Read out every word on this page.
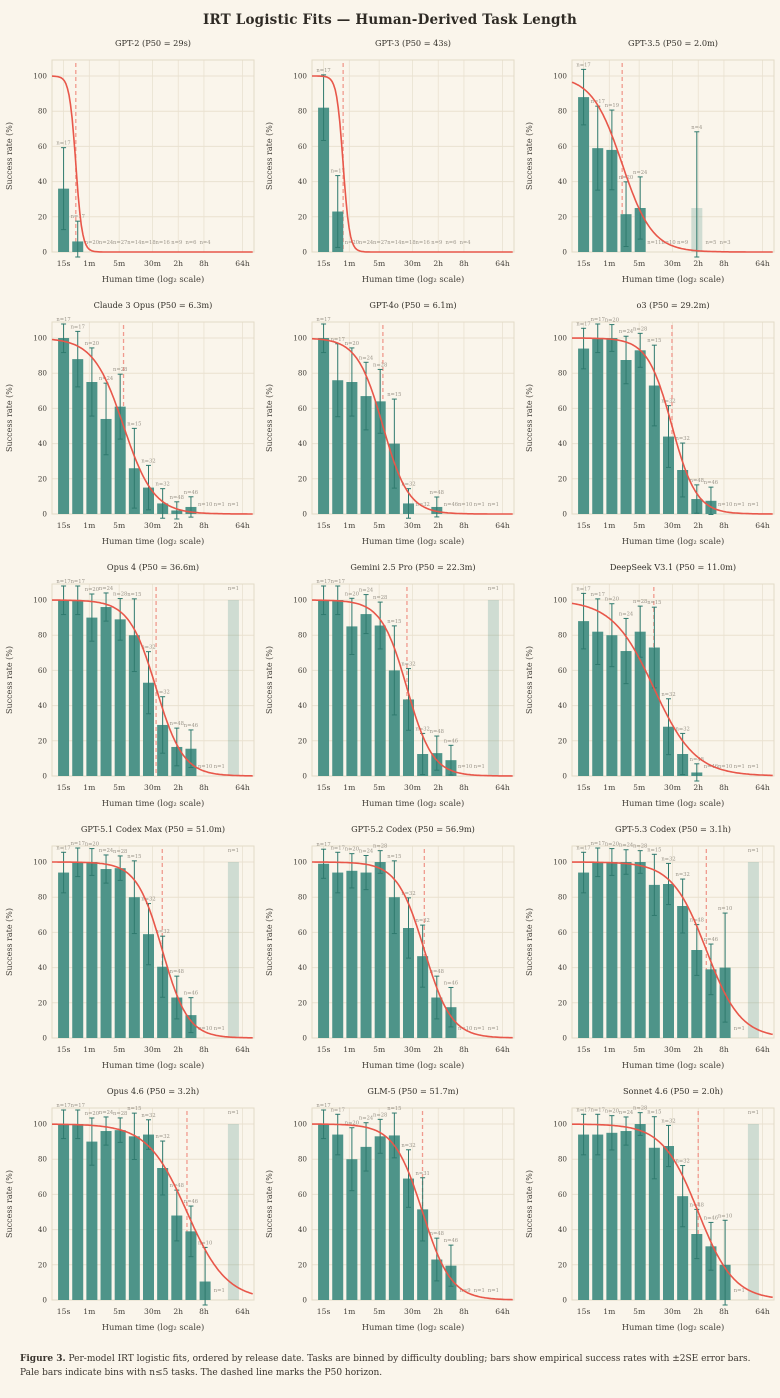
IRT Logistic Fits — Human-Derived Task Length
GPT-2 (P50 = 29s)
0
20
40
60
80
100
15s 1m 5m 30m 2h 8h	64h
Success rate (%)
Human time (log₂ scale)
n=17
n=17
n=20 n=24 n=27 n=14 n=18 n=16 n=9 n=6 n=4
GPT-3 (P50 = 43s)
0
20
40
60
80
100
15s 1m 5m 30m 2h 8h	64h
Success rate (%)
Human time (log₂ scale)
n=17
n=17
n=20 n=24 n=27 n=14 n=18 n=16 n=9 n=6 n=4
GPT-3.5 (P50 = 2.0m)
0
20
40
60
80
100
15s 1m 5m 30m 2h 8h	64h
Success rate (%)
Human time (log₂ scale)
n=17
n=17
n=19
n=20
n=24
n=11 n=10 n=9
n=4
n=5 n=3
Claude 3 Opus (P50 = 6.3m)
0
20
40
60
80
100
15s 1m 5m 30m 2h 8h	64h
Success rate (%)
Human time (log₂ scale)
n=17
n=17
n=20
n=24
n=28
n=15
n=32
n=32
n=48
n=46
n=10 n=1 n=1
GPT-4o (P50 = 6.1m)
0
20
40
60
80
100
15s 1m 5m 30m 2h 8h	64h
Success rate (%)
Human time (log₂ scale)
n=17
n=17
n=20
n=24
n=28
n=15
n=32
n=32
n=48
n=46 n=10 n=1 n=1
o3 (P50 = 29.2m)
0
20
40
60
80
100
15s 1m 5m 30m 2h 8h	64h
Success rate (%)
Human time (log₂ scale)
n=17
n=17 n=20
n=24 n=28
n=15
n=32
n=32
n=48 n=46
n=10 n=1 n=1
Opus 4 (P50 = 36.6m)
0
20
40
60
80
100
15s 1m 5m 30m 2h 8h	64h
Success rate (%)
Human time (log₂ scale)
n=17 n=17
n=20 n=24
n=28 n=15
n=32
n=32
n=48 n=46
n=10 n=1
n=1
Gemini 2.5 Pro (P50 = 22.3m)
0
20
40
60
80
100
15s 1m 5m 30m 2h 8h	64h
Success rate (%)
Human time (log₂ scale)
n=17 n=17
n=20
n=24
n=28
n=15
n=32
n=32 n=48
n=46
n=10 n=1
n=1
DeepSeek V3.1 (P50 = 11.0m)
0
20
40
60
80
100
15s 1m 5m 30m 2h 8h	64h
Success rate (%)
Human time (log₂ scale)
n=17
n=17
n=20
n=24
n=28 n=15
n=32
n=32
n=48
n=46 n=10 n=1 n=1
GPT-5.1 Codex Max (P50 = 51.0m)
0
20
40
60
80
100
15s 1m 5m 30m 2h 8h	64h
Success rate (%)
Human time (log₂ scale)
n=17
n=17 n=20
n=24 n=28
n=15
n=32
n=32
n=48
n=46
n=10 n=1
n=1
GPT-5.2 Codex (P50 = 56.9m)
0
20
40
60
80
100
15s 1m 5m 30m 2h 8h	64h
Success rate (%)
Human time (log₂ scale)
n=17
n=17 n=20 n=24
n=28
n=15
n=32
n=32
n=48
n=46
n=10 n=1 n=1
GPT-5.3 Codex (P50 = 3.1h)
0
20
40
60
80
100
15s 1m 5m 30m 2h 8h	64h
Success rate (%)
Human time (log₂ scale)
n=17
n=17 n=20 n=24 n=28
n=15
n=32
n=32
n=48
n=46
n=10
n=1
n=1
Opus 4.6 (P50 = 3.2h)
0
20
40
60
80
100
15s 1m 5m 30m 2h 8h	64h
Success rate (%)
Human time (log₂ scale)
n=17 n=17
n=20 n=24 n=28
n=15
n=32
n=32
n=48
n=46
n=10
n=1
n=1
GLM-5 (P50 = 51.7m)
0
20
40
60
80
100
15s 1m 5m 30m 2h 8h	64h
Success rate (%)
Human time (log₂ scale)
n=17
n=17
n=20
n=24
n=28
n=15
n=32
n=31
n=48
n=46
n=9 n=1 n=1
Sonnet 4.6 (P50 = 2.0h)
0
20
40
60
80
100
15s 1m 5m 30m 2h 8h	64h
Success rate (%)
Human time (log₂ scale)
n=17 n=17 n=20 n=24
n=28
n=15
n=32
n=32
n=48
n=46 n=10
n=1
n=1
Figure 3. Per-model IRT logistic fits, ordered by release date. Tasks are binned by difficulty doubling; bars show empirical success rates with ±2SE error bars. Pale bars indicate bins with n≤5 tasks. The dashed line marks the P50 horizon.
